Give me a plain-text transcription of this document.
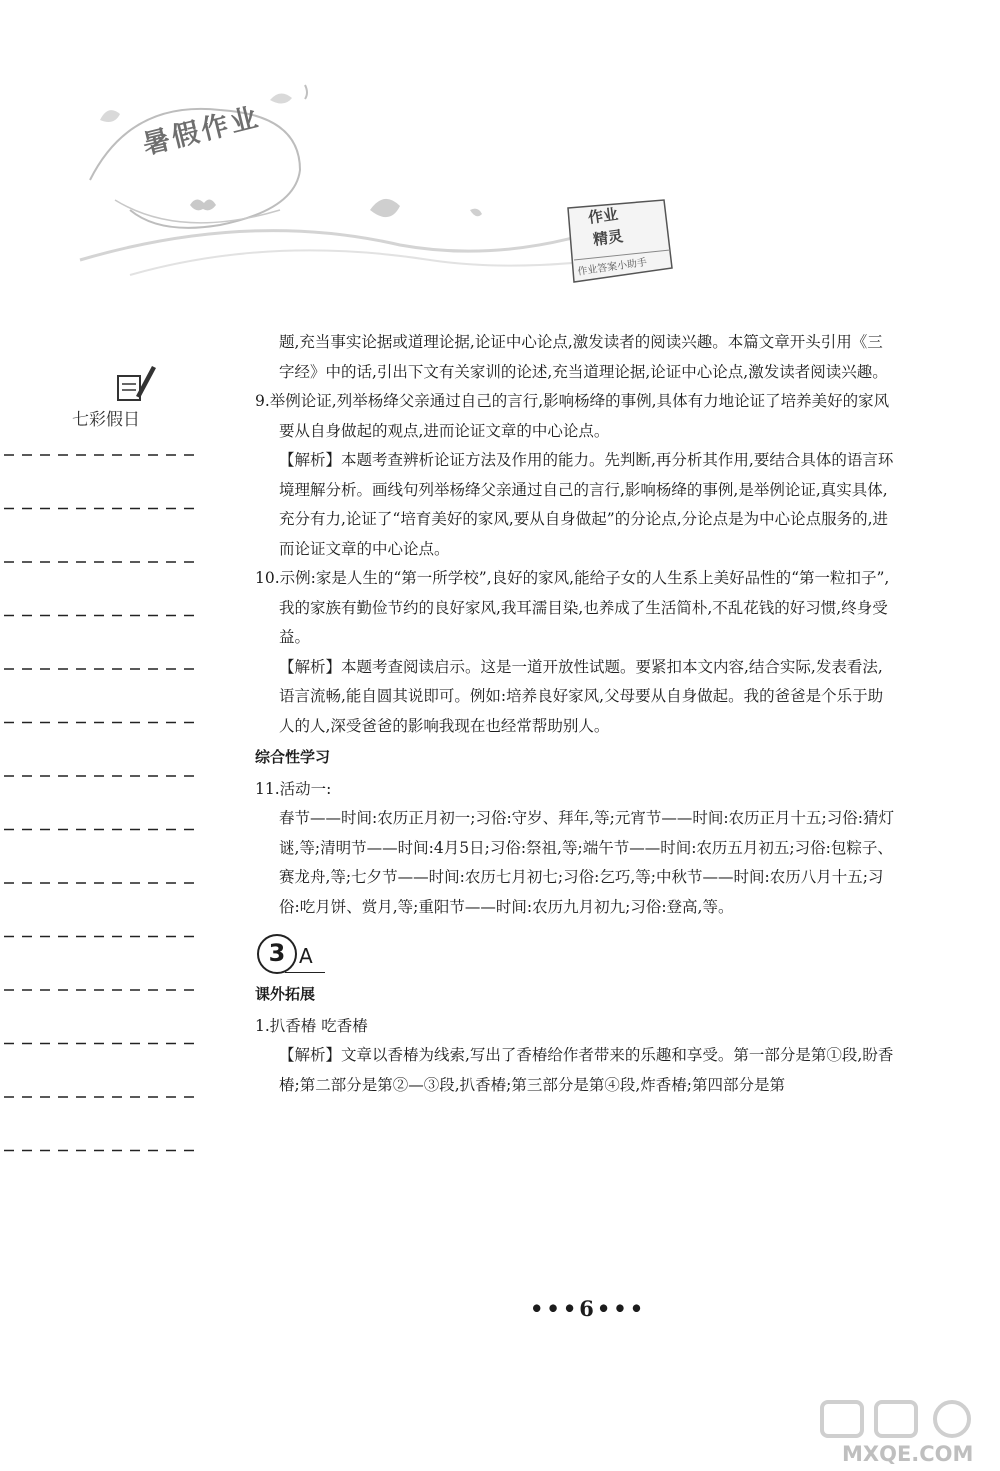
暑假作业
作业
精灵
作业答案小助手
七彩假日

题,充当事实论据或道理论据,论证中心论点,激发读者的阅读兴趣。本篇文章开头引用《三字经》中的话,引出下文有关家训的论述,充当道理论据,论证中心论点,激发读者阅读兴趣。

9.举例论证,列举杨绛父亲通过自己的言行,影响杨绛的事例,具体有力地论证了培养美好的家风要从自身做起的观点,进而论证文章的中心论点。

【解析】本题考查辨析论证方法及作用的能力。先判断,再分析其作用,要结合具体的语言环境理解分析。画线句列举杨绛父亲通过自己的言行,影响杨绛的事例,是举例论证,真实具体,充分有力,论证了“培育美好的家风,要从自身做起”的分论点,分论点是为中心论点服务的,进而论证文章的中心论点。

10.示例:家是人生的“第一所学校”,良好的家风,能给子女的人生系上美好品性的“第一粒扣子”,我的家族有勤俭节约的良好家风,我耳濡目染,也养成了生活简朴,不乱花钱的好习惯,终身受益。

【解析】本题考查阅读启示。这是一道开放性试题。要紧扣本文内容,结合实际,发表看法,语言流畅,能自圆其说即可。例如:培养良好家风,父母要从自身做起。我的爸爸是个乐于助人的人,深受爸爸的影响我现在也经常帮助别人。

综合性学习

11.活动一:

春节——时间:农历正月初一;习俗:守岁、拜年,等;元宵节——时间:农历正月十五;习俗:猜灯谜,等;清明节——时间:4月5日;习俗:祭祖,等;端午节——时间:农历五月初五;习俗:包粽子、赛龙舟,等;七夕节——时间:农历七月初七;习俗:乞巧,等;中秋节——时间:农历八月十五;习俗:吃月饼、赏月,等;重阳节——时间:农历九月初九;习俗:登高,等。

3 A

课外拓展

1.扒香椿 吃香椿

【解析】文章以香椿为线索,写出了香椿给作者带来的乐趣和享受。第一部分是第①段,盼香椿;第二部分是第②—③段,扒香椿;第三部分是第④段,炸香椿;第四部分是第

•••6•••
MXQE.COM
